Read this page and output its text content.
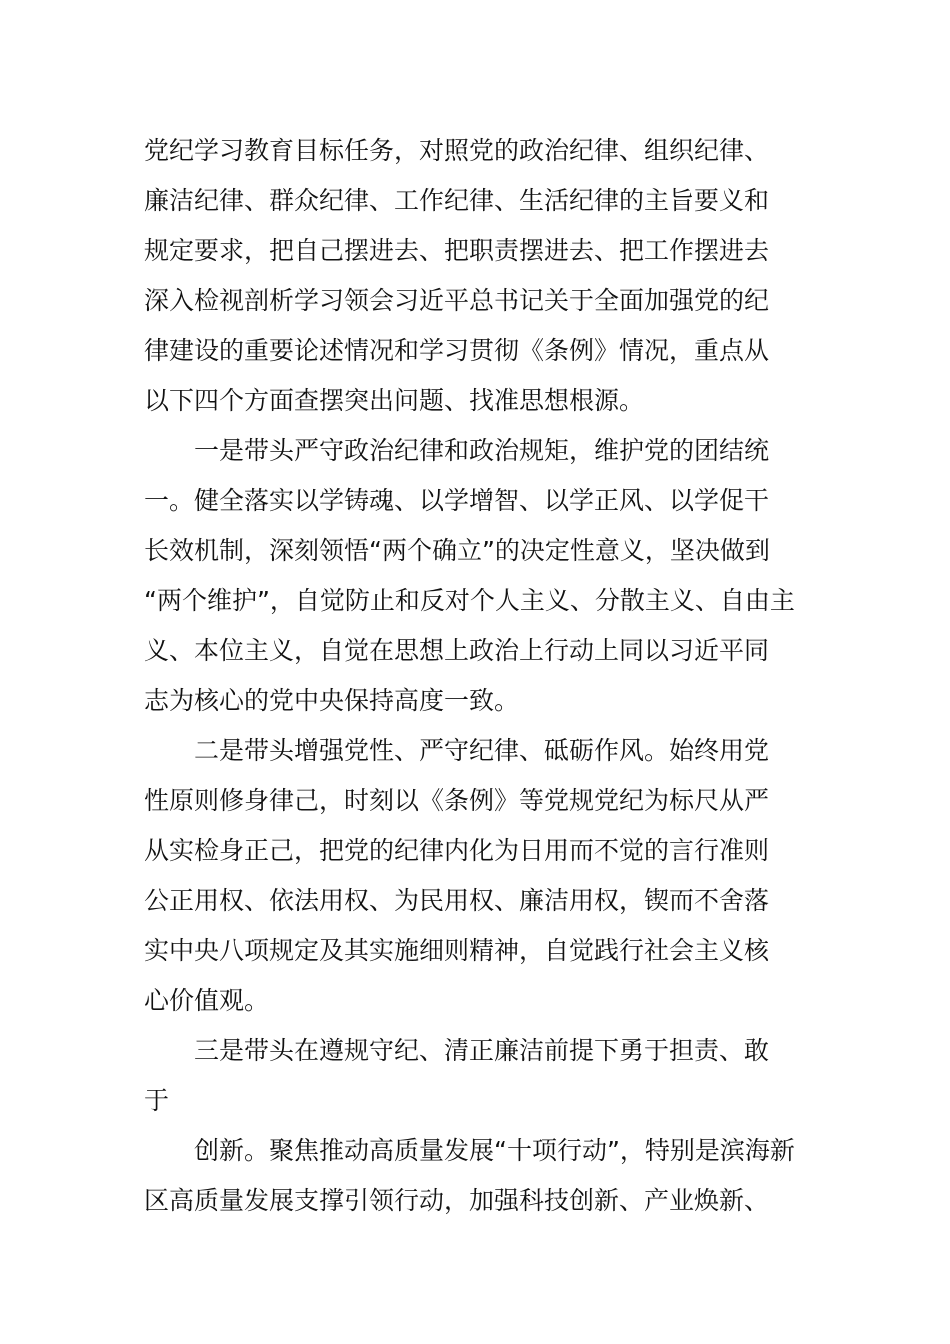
党纪学习教育目标任务，对照党的政治纪律、组织纪律、
廉洁纪律、群众纪律、工作纪律、生活纪律的主旨要义和
规定要求，把自己摆进去、把职责摆进去、把工作摆进去
深入检视剖析学习领会习近平总书记关于全面加强党的纪
律建设的重要论述情况和学习贯彻《条例》情况，重点从
以下四个方面查摆突出问题、找准思想根源。
　　一是带头严守政治纪律和政治规矩，维护党的团结统
一。健全落实以学铸魂、以学增智、以学正风、以学促干
长效机制，深刻领悟“两个确立”的决定性意义，坚决做到
“两个维护”，自觉防止和反对个人主义、分散主义、自由主
义、本位主义，自觉在思想上政治上行动上同以习近平同
志为核心的党中央保持高度一致。
　　二是带头增强党性、严守纪律、砥砺作风。始终用党
性原则修身律己，时刻以《条例》等党规党纪为标尺从严
从实检身正己，把党的纪律内化为日用而不觉的言行准则
公正用权、依法用权、为民用权、廉洁用权，锲而不舍落
实中央八项规定及其实施细则精神，自觉践行社会主义核
心价值观。
　　三是带头在遵规守纪、清正廉洁前提下勇于担责、敢
于
　　创新。聚焦推动高质量发展“十项行动”，特别是滨海新
区高质量发展支撑引领行动，加强科技创新、产业焕新、
